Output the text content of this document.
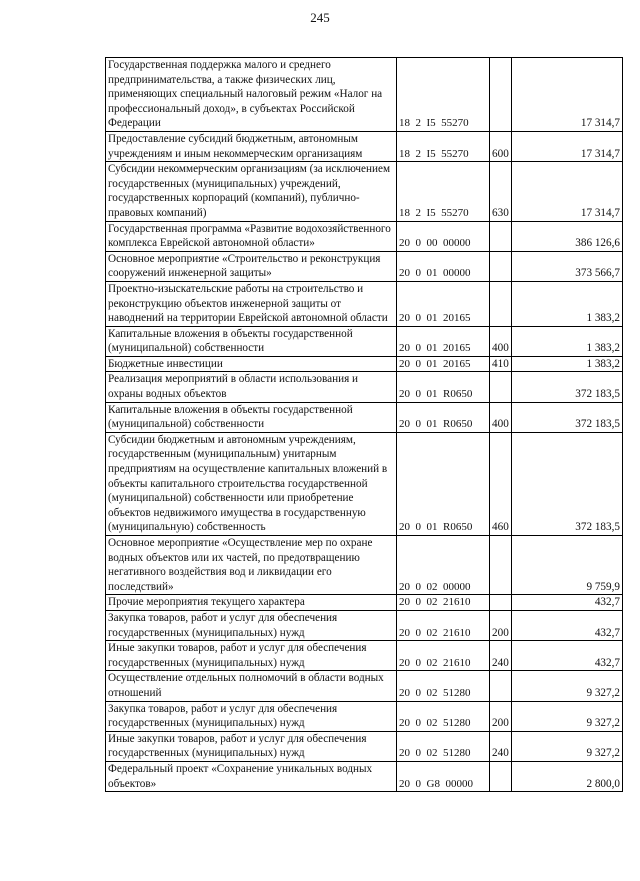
245
Государственная поддержка малого и среднего предпринимательства, а также физических лиц, применяющих специальный налоговый режим «Налог на профессиональный доход», в субъектах Российской Федерации	18  2  I5  55270		17 314,7
Предоставление субсидий бюджетным, автономным учреждениям и иным некоммерческим организациям	18  2  I5  55270	600	17 314,7
Субсидии некоммерческим организациям (за исключением государственных (муниципальных) учреждений, государственных корпораций (компаний), публично-правовых компаний)	18  2  I5  55270	630	17 314,7
Государственная программа «Развитие водохозяйственного комплекса Еврейской автономной области»	20  0  00  00000		386 126,6
Основное мероприятие «Строительство и реконструкция сооружений инженерной защиты»	20  0  01  00000		373 566,7
Проектно-изыскательские работы на строительство и реконструкцию объектов инженерной защиты от наводнений на территории Еврейской автономной области	20  0  01  20165		1 383,2
Капитальные вложения в объекты государственной (муниципальной) собственности	20  0  01  20165	400	1 383,2
Бюджетные инвестиции	20  0  01  20165	410	1 383,2
Реализация мероприятий в области использования и охраны водных объектов	20  0  01  R0650		372 183,5
Капитальные вложения в объекты государственной (муниципальной) собственности	20  0  01  R0650	400	372 183,5
Субсидии бюджетным и автономным учреждениям, государственным (муниципальным) унитарным предприятиям на осуществление капитальных вложений в объекты капитального строительства государственной (муниципальной) собственности или приобретение объектов недвижимого имущества в государственную (муниципальную) собственность	20  0  01  R0650	460	372 183,5
Основное мероприятие «Осуществление мер по охране водных объектов или их частей, по предотвращению негативного воздействия вод и ликвидации его последствий»	20  0  02  00000		9 759,9
Прочие мероприятия текущего характера	20  0  02  21610		432,7
Закупка товаров, работ и услуг для обеспечения государственных (муниципальных) нужд	20  0  02  21610	200	432,7
Иные закупки товаров, работ и услуг для обеспечения государственных (муниципальных) нужд	20  0  02  21610	240	432,7
Осуществление отдельных полномочий в области водных отношений	20  0  02  51280		9 327,2
Закупка товаров, работ и услуг для обеспечения государственных (муниципальных) нужд	20  0  02  51280	200	9 327,2
Иные закупки товаров, работ и услуг для обеспечения государственных (муниципальных) нужд	20  0  02  51280	240	9 327,2
Федеральный проект «Сохранение уникальных водных объектов»	20  0  G8  00000		2 800,0
